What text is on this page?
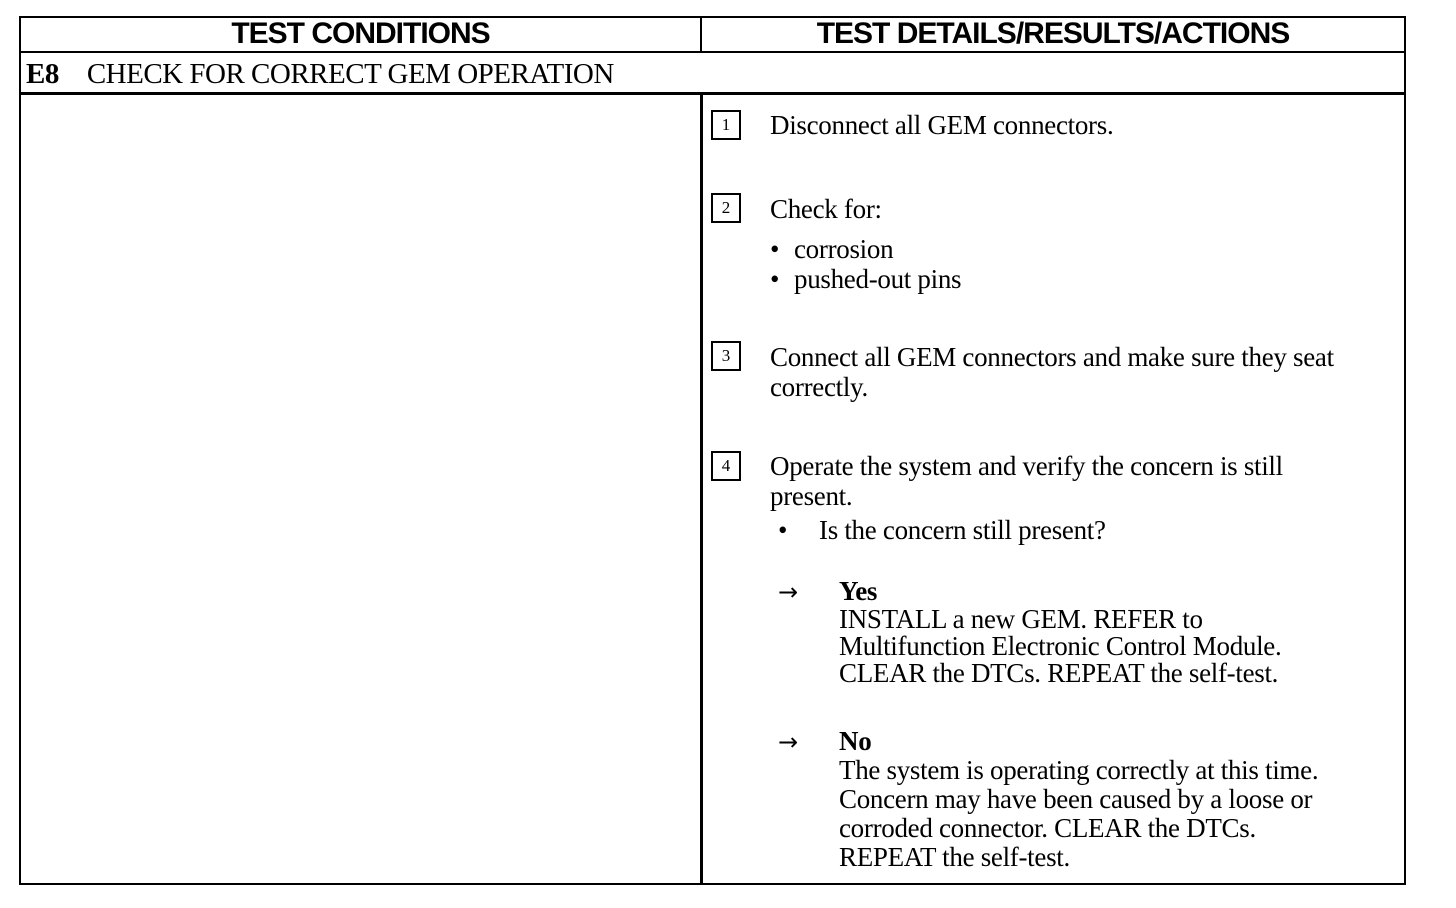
TEST CONDITIONS	TEST DETAILS/RESULTS/ACTIONS
E8 CHECK FOR CORRECT GEM OPERATION
1	Disconnect all GEM connectors.
2	Check for:
• corrosion
• pushed-out pins
3	Connect all GEM connectors and make sure they seat correctly.
4	Operate the system and verify the concern is still present.
• Is the concern still present?
→ Yes
INSTALL a new GEM. REFER to
Multifunction Electronic Control Module.
CLEAR the DTCs. REPEAT the self-test.
→ No
The system is operating correctly at this time.
Concern may have been caused by a loose or
corroded connector. CLEAR the DTCs.
REPEAT the self-test.
